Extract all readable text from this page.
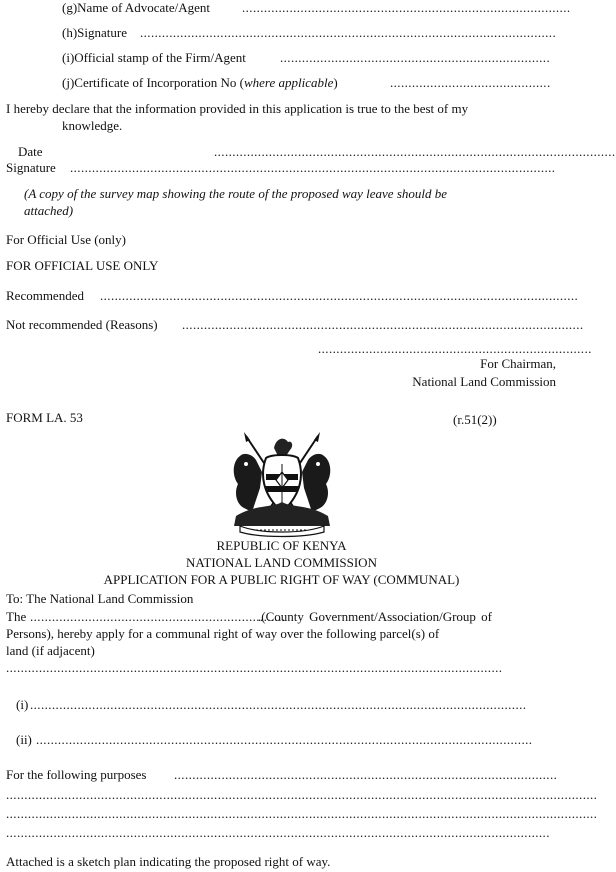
(g)Name of Advocate/Agent ..........................................................................................
(h)Signature ..................................................................................................................
(i)Official stamp of the Firm/Agent	..........................................................................
(j)Certificate of Incorporation No (where applicable)	............................................
I hereby declare that the information provided in this application is true to the best of my
knowledge.
Date	..............................................................................................................
Signature .....................................................................................................................................
(A copy of the survey map showing the route of the proposed way leave should be
attached)
For Official Use (only)
FOR OFFICIAL USE ONLY
Recommended ...................................................................................................................................
Not recommended (Reasons) ..............................................................................................................
...........................................................................
For Chairman,
National Land Commission
FORM LA. 53	(r.51(2))
REPUBLIC OF KENYA
NATIONAL LAND COMMISSION
APPLICATION FOR A PUBLIC RIGHT OF WAY (COMMUNAL)
To: The National Land Commission
The ......................................................................
.(County Government/Association/Group of
Persons), hereby apply for a communal right of way over the following parcel(s) of
land (if adjacent)
........................................................................................................................................
(i) ........................................................................................................................................
(ii) ........................................................................................................................................
For the following purposes .........................................................................................................
..................................................................................................................................................................
..................................................................................................................................................................
.....................................................................................................................................................
Attached is a sketch plan indicating the proposed right of way.
